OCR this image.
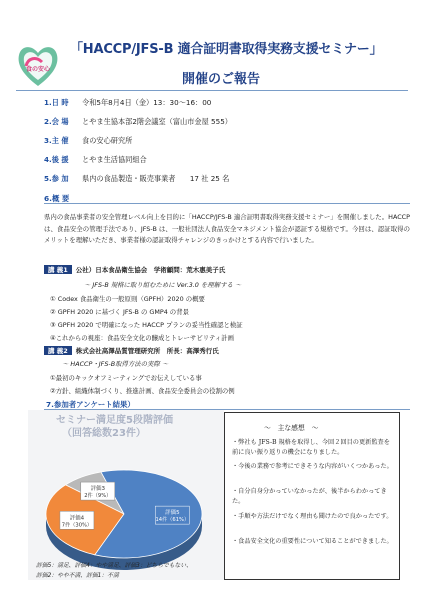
食の安心
「HACCP/JFS-B 適合証明書取得実務支援セミナー」
開催のご報告
1.日 時 令和5年8月4日（金）13：30～16：00
2.会 場 とやま生協本部2階会議室（富山市金屋 555）
3.主 催 食の安心研究所
4.後 援 とやま生活協同組合
5.参 加 県内の食品製造・販売事業者　　17 社 25 名
6.概 要
県内の食品事業者の安全管理レベル向上を目的に「HACCP/JFS-B 適合証明書取得実務支援セミナー」を開催しました。HACCP は、食品安全の管理手法であり、JFS-B は、一般社団法人食品安全マネジメント協会が認証する規格です。今回は、認証取得のメリットを理解いただき、事業者様の認証取得チャレンジのきっかけとする内容で行いました。
講 義1 公社）日本食品衛生協会　学術顧問：荒木惠美子氏
～ JFS-B 規格に取り組むために Ver.3.0 を理解する ～
① Codex 食品衛生の一般原則（GPFH）2020 の概要
② GPFH 2020 に基づく JFS-B の GMP4 の背景
③ GPFH 2020 で明確になった HACCP プランの妥当性確認と検証
④これからの視座：食品安全文化の醸成とトレーサビリティ計画
講 義2 株式会社高澤品質管理研究所　所長：高澤秀行氏
～ HACCP・JFS-B取得方法の実際 ～
①最初のキックオフミーティングでお伝えしている事
②方針、組織体制づくり、推進計画、食品安全委員会の役割の例
7.参加者アンケート結果）
評価5
14件（61%）
評価4
7件（30%）
評価3
2件（9%）
セミナー満足度5段階評価
（回答総数23件）
評価5：満足、評価4：やや満足、評価3：どちらでもない、
評価2：やや不満、評価1：不満
～　主な感想　～
・弊社も JFS-B 規格を取得し、今回２回目の更新監査を前に良い振り返りの機会になりました。
・今後の業務で参考にできそうな内容がいくつかあった。
・自分自身分かっていなかったが、後半からわかってきた。
・手順や方法だけでなく理由も聞けたので良かったです。
・食品安全文化の重要性について知ることができました。
